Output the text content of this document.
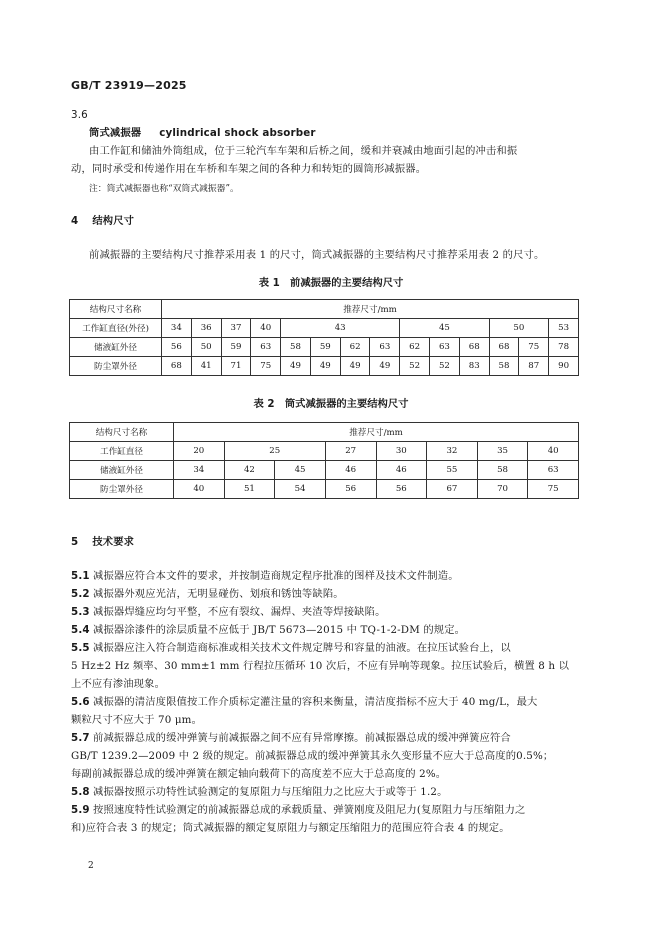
GB/T 23919—2025
3.6
筒式减振器 cylindrical shock absorber
由工作缸和储油外筒组成，位于三轮汽车车架和后桥之间，缓和并衰减由地面引起的冲击和振
动，同时承受和传递作用在车桥和车架之间的各种力和转矩的圆筒形减振器。
注：筒式减振器也称“双筒式减振器”。
4 结构尺寸
前减振器的主要结构尺寸推荐采用表 1 的尺寸，筒式减振器的主要结构尺寸推荐采用表 2 的尺寸。
表 1　前减振器的主要结构尺寸
结构尺寸名称	推荐尺寸/mm													
工作缸直径(外径)	34	36	37	40	43				45			50		53
储液缸外径	56	50	59	63	58	59	62	63	62	63	68	68	75	78
防尘罩外径	68	41	71	75	49	49	49	49	52	52	83	58	87	90
表 2　筒式减振器的主要结构尺寸
结构尺寸名称	推荐尺寸/mm							
工作缸直径	20	25		27	30	32	35	40
储液缸外径	34	42	45	46	46	55	58	63
防尘罩外径	40	51	54	56	56	67	70	75
5 技术要求
5.1 减振器应符合本文件的要求，并按制造商规定程序批准的图样及技术文件制造。
5.2 减振器外观应光洁，无明显碰伤、划痕和锈蚀等缺陷。
5.3 减振器焊缝应均匀平整，不应有裂纹、漏焊、夹渣等焊接缺陷。
5.4 减振器涂漆件的涂层质量不应低于 JB/T 5673—2015 中 TQ-1-2-DM 的规定。
5.5 减振器应注入符合制造商标准或相关技术文件规定牌号和容量的油液。在拉压试验台上，以
5 Hz±2 Hz 频率、30 mm±1 mm 行程拉压循环 10 次后，不应有异响等现象。拉压试验后，横置 8 h 以
上不应有渗油现象。
5.6 减振器的清洁度限值按工作介质标定灌注量的容积来衡量，清洁度指标不应大于 40 mg/L，最大
颗粒尺寸不应大于 70 μm。
5.7 前减振器总成的缓冲弹簧与前减振器之间不应有异常摩擦。前减振器总成的缓冲弹簧应符合
GB/T 1239.2—2009 中 2 级的规定。前减振器总成的缓冲弹簧其永久变形量不应大于总高度的0.5%；
每副前减振器总成的缓冲弹簧在额定轴向载荷下的高度差不应大于总高度的 2%。
5.8 减振器按照示功特性试验测定的复原阻力与压缩阻力之比应大于或等于 1.2。
5.9 按照速度特性试验测定的前减振器总成的承载质量、弹簧刚度及阻尼力(复原阻力与压缩阻力之
和)应符合表 3 的规定；筒式减振器的额定复原阻力与额定压缩阻力的范围应符合表 4 的规定。
2
